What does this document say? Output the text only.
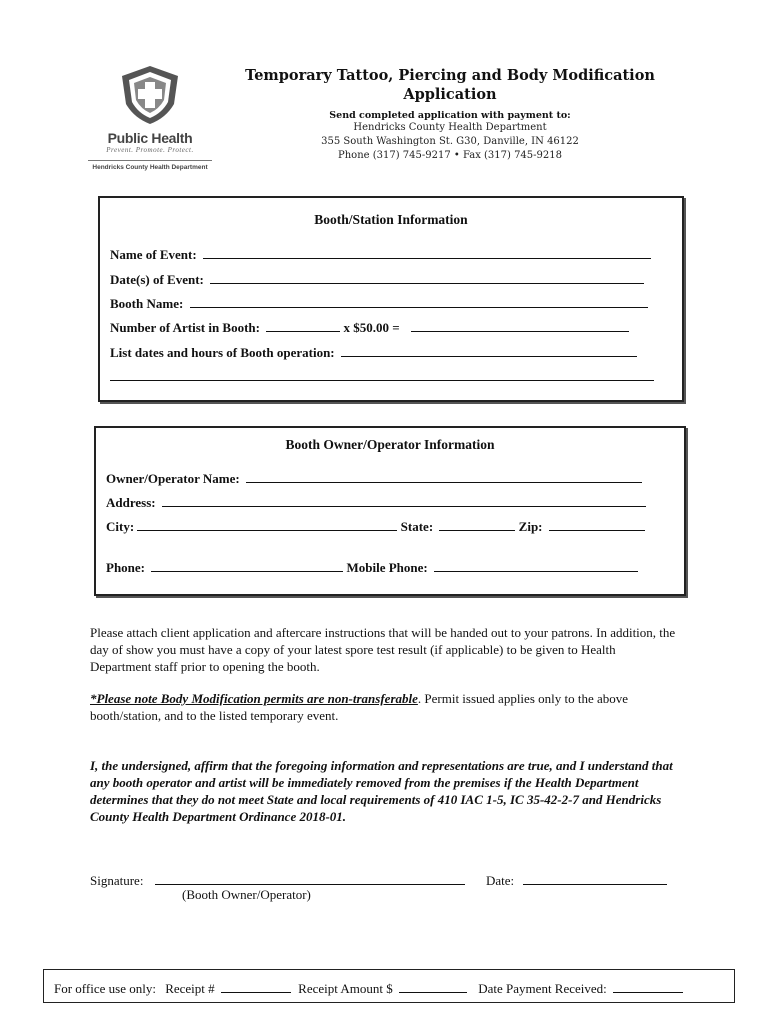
Public Health
Prevent. Promote. Protect.
Hendricks County Health Department
Temporary Tattoo, Piercing and Body Modification
Application
Send completed application with payment to:
Hendricks County Health Department
355 South Washington St. G30, Danville, IN 46122
Phone (317) 745-9217 • Fax (317) 745-9218
Booth/Station Information
Name of Event:
Date(s) of Event:
Booth Name:
Number of Artist in Booth:	x $50.00 =
List dates and hours of Booth operation:
Booth Owner/Operator Information
Owner/Operator Name:
Address:
City:	State:	Zip:
Phone:	Mobile Phone:
Please attach client application and aftercare instructions that will be handed out to your patrons. In addition, the day of show you must have a copy of your latest spore test result (if applicable) to be given to Health Department staff prior to opening the booth.
*Please note Body Modification permits are non-transferable. Permit issued applies only to the above booth/station, and to the listed temporary event.
I, the undersigned, affirm that the foregoing information and representations are true, and I understand that any booth operator and artist will be immediately removed from the premises if the Health Department determines that they do not meet State and local requirements of 410 IAC 1-5, IC 35-42-2-7 and Hendricks County Health Department Ordinance 2018-01.
Signature:
(Booth Owner/Operator)
Date:
For office use only: Receipt #	Receipt Amount $	Date Payment Received:
